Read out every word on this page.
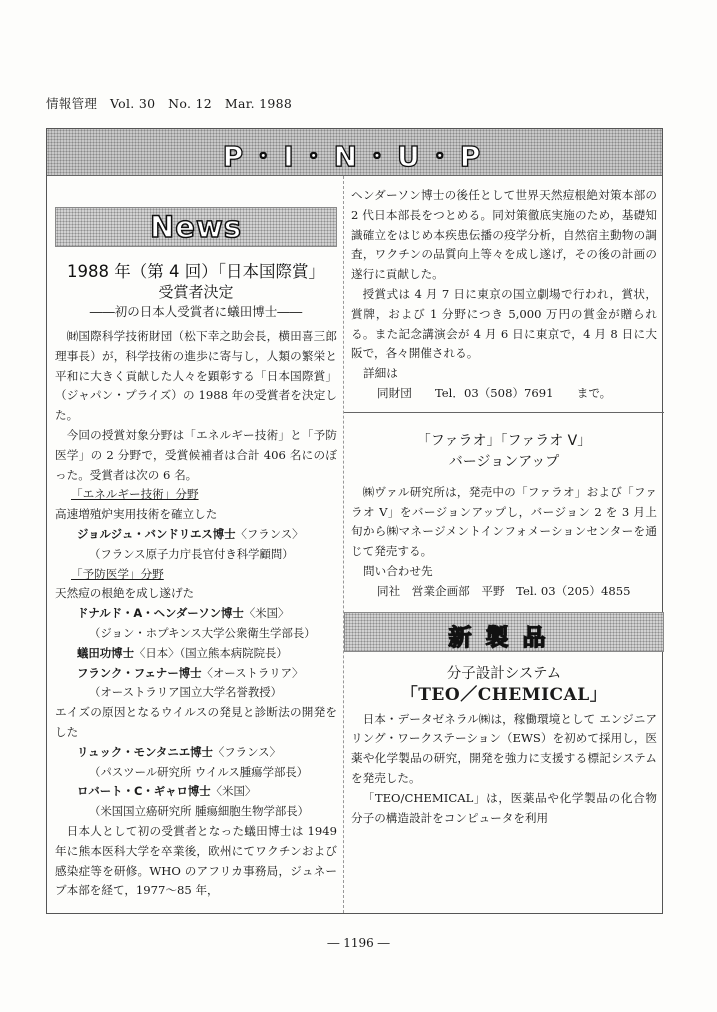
情報管理　Vol. 30　No. 12　Mar. 1988
P・I・N・U・P
News
1988 年（第 4 回）「日本国際賞」
受賞者決定
――初の日本人受賞者に蟻田博士――

㈶国際科学技術財団（松下幸之助会長，横田喜三郎理事長）が，科学技術の進歩に寄与し，人類の繁栄と平和に大きく貢献した人々を顕彰する「日本国際賞」（ジャパン・プライズ）の 1988 年の受賞者を決定した。

今回の授賞対象分野は「エネルギー技術」と「予防医学」の 2 分野で，受賞候補者は合計 406 名にのぼった。受賞者は次の 6 名。

「エネルギー技術」分野

高速増殖炉実用技術を確立した

ジョルジュ・バンドリエス博士〈フランス〉

（フランス原子力庁長官付き科学顧問）

「予防医学」分野

天然痘の根絶を成し遂げた

ドナルド・A・ヘンダーソン博士〈米国〉

（ジョン・ホプキンス大学公衆衛生学部長）

蟻田功博士〈日本〉（国立熊本病院院長）

フランク・フェナー博士〈オーストラリア〉

（オーストラリア国立大学名誉教授）

エイズの原因となるウイルスの発見と診断法の開発をした

リュック・モンタニエ博士〈フランス〉

（パスツール研究所 ウイルス腫瘍学部長）

ロバート・C・ギャロ博士〈米国〉

（米国国立癌研究所 腫瘍細胞生物学部長）

日本人として初の受賞者となった蟻田博士は 1949 年に熊本医科大学を卒業後，欧州にてワクチンおよび感染症等を研修。WHO のアフリカ事務局，ジュネーブ本部を経て，1977～85 年，

ヘンダーソン博士の後任として世界天然痘根絶対策本部の 2 代日本部長をつとめる。同対策徹底実施のため，基礎知識確立をはじめ本疾患伝播の疫学分析，自然宿主動物の調査，ワクチンの品質向上等々を成し遂げ，その後の計画の遂行に貢献した。

授賞式は 4 月 7 日に東京の国立劇場で行われ，賞状，賞牌，および 1 分野につき 5,000 万円の賞金が贈られる。また記念講演会が 4 月 6 日に東京で，4 月 8 日に大阪で，各々開催される。

詳細は

同財団　　Tel．03（508）7691　　まで。

「ファラオ」「ファラオ V」
バージョンアップ

㈱ヴァル研究所は，発売中の「ファラオ」および「ファラオ V」をバージョンアップし，バージョン 2 を 3 月上旬から㈱マネージメントインフォメーションセンターを通じて発売する。

問い合わせ先

同社　営業企画部　平野　Tel. 03（205）4855

新製品
分子設計システム
「TEO／CHEMICAL」

日本・データゼネラル㈱は，稼働環境として エンジニアリング・ワークステーション（EWS）を初めて採用し，医薬や化学製品の研究，開発を強力に支援する標記システムを発売した。

「TEO/CHEMICAL」は，医薬品や化学製品の化合物分子の構造設計をコンピュータを利用

― 1196 ―
